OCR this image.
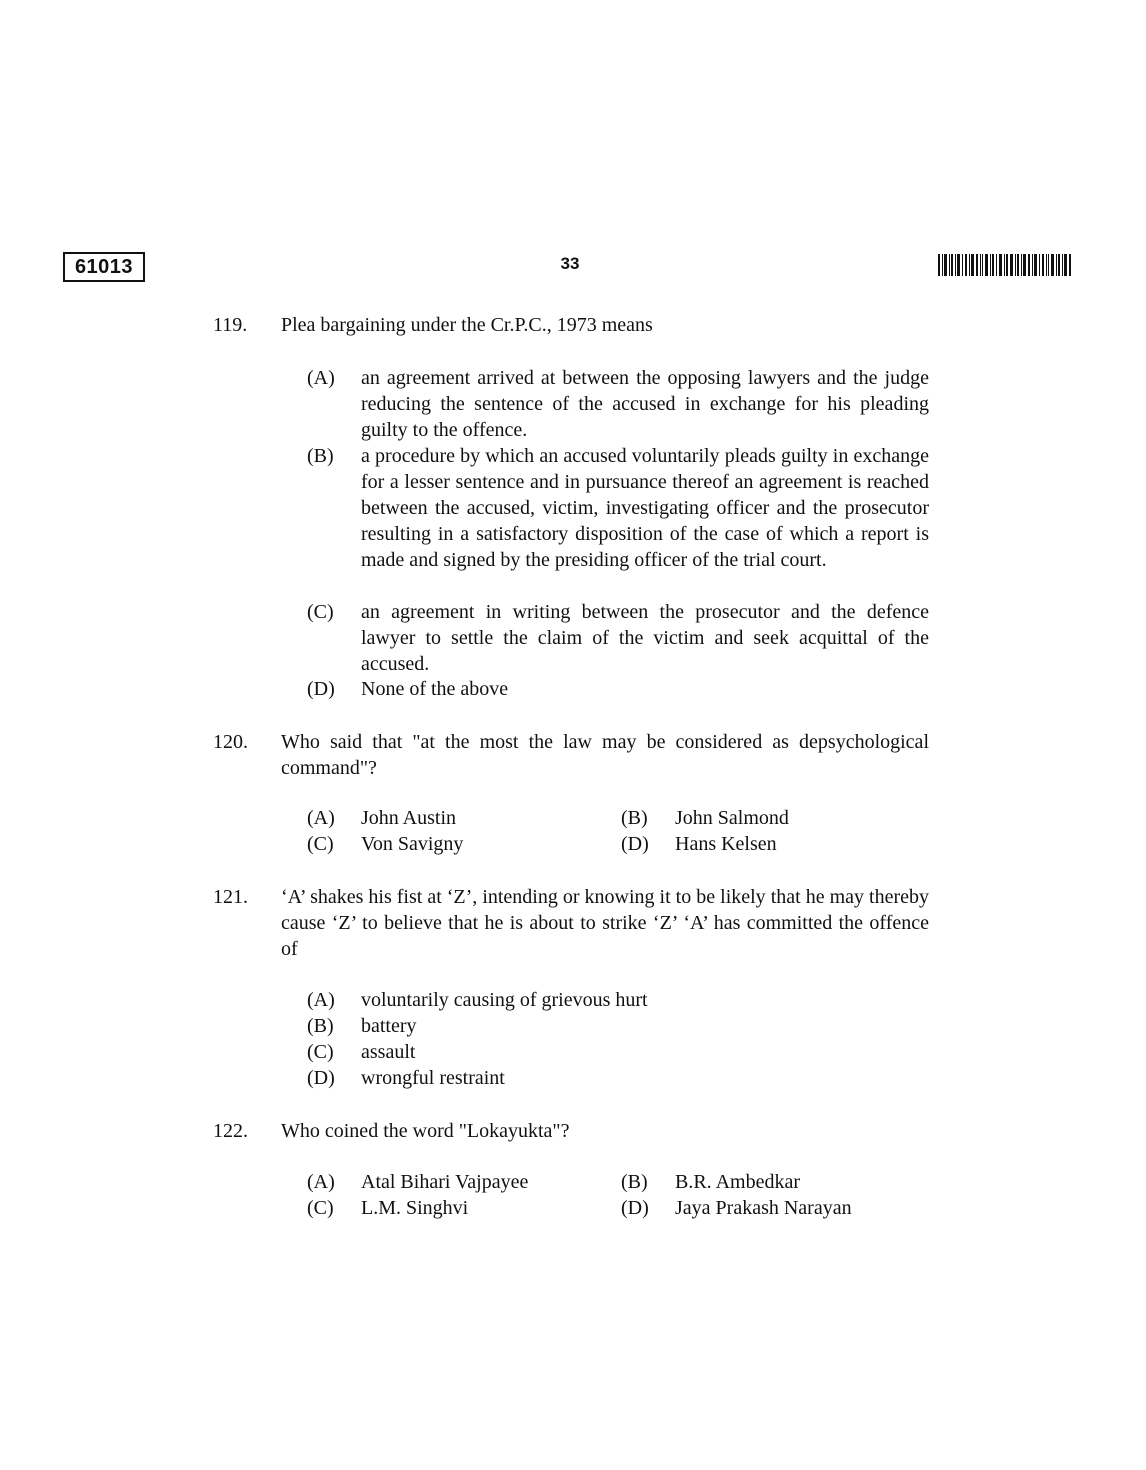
61013	33
119. Plea bargaining under the Cr.P.C., 1973 means
(A) an agreement arrived at between the opposing lawyers and the judge reducing the sentence of the accused in exchange for his pleading guilty to the offence.
(B) a procedure by which an accused voluntarily pleads guilty in exchange for a lesser sentence and in pursuance thereof an agreement is reached between the accused, victim, investigating officer and the prosecutor resulting in a satisfactory disposition of the case of which a report is made and signed by the presiding officer of the trial court.
(C) an agreement in writing between the prosecutor and the defence lawyer to settle the claim of the victim and seek acquittal of the accused.
(D) None of the above
120. Who said that "at the most the law may be considered as depsychological command"?
(A) John Austin	(B) John Salmond
(C) Von Savigny	(D) Hans Kelsen
121. ‘A’ shakes his fist at ‘Z’, intending or knowing it to be likely that he may thereby cause ‘Z’ to believe that he is about to strike ‘Z’ ‘A’ has committed the offence of
(A) voluntarily causing of grievous hurt
(B) battery
(C) assault
(D) wrongful restraint
122. Who coined the word "Lokayukta"?
(A) Atal Bihari Vajpayee	(B) B.R. Ambedkar
(C) L.M. Singhvi	(D) Jaya Prakash Narayan
